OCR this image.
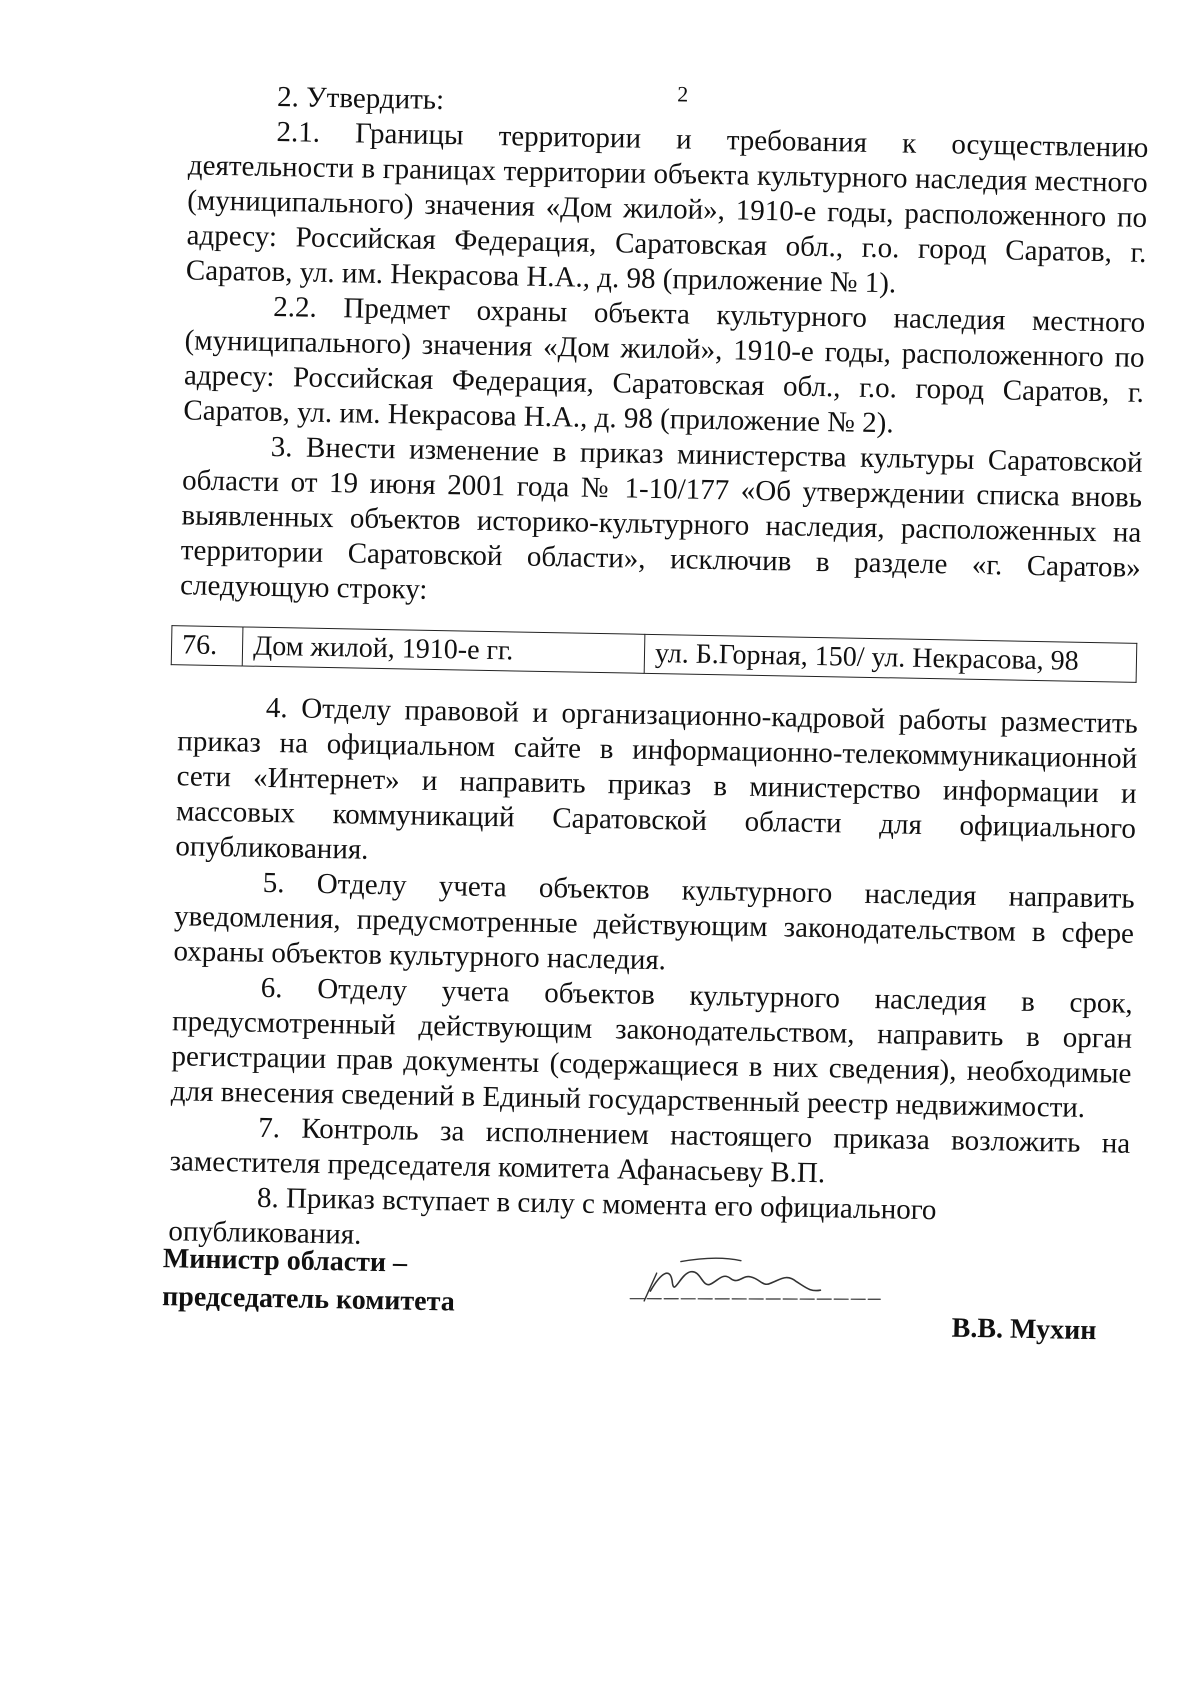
2

2. Утвердить:

2.1. Границы территории и требования к осуществлению деятельности в границах территории объекта культурного наследия местного (муниципального) значения «Дом жилой», 1910-е годы, расположенного по адресу: Российская Федерация, Саратовская обл., г.о. город Саратов, г. Саратов, ул. им. Некрасова Н.А., д. 98 (приложение № 1).

2.2. Предмет охраны объекта культурного наследия местного (муниципального) значения «Дом жилой», 1910-е годы, расположенного по адресу: Российская Федерация, Саратовская обл., г.о. город Саратов, г. Саратов, ул. им. Некрасова Н.А., д. 98 (приложение № 2).

3. Внести изменение в приказ министерства культуры Саратовской области от 19 июня 2001 года № 1-10/177 «Об утверждении списка вновь выявленных объектов историко-культурного наследия, расположенных на территории Саратовской области», исключив в разделе «г. Саратов» следующую строку:

76.	Дом жилой, 1910-е гг.	ул. Б.Горная, 150/ ул. Некрасова, 98

4. Отделу правовой и организационно-кадровой работы разместить приказ на официальном сайте в информационно-телекоммуникационной сети «Интернет» и направить приказ в министерство информации и массовых коммуникаций Саратовской области для официального опубликования.

5. Отделу учета объектов культурного наследия направить уведомления, предусмотренные действующим законодательством в сфере охраны объектов культурного наследия.

6. Отделу учета объектов культурного наследия в срок, предусмотренный действующим законодательством, направить в орган регистрации прав документы (содержащиеся в них сведения), необходимые для внесения сведений в Единый государственный реестр недвижимости.

7. Контроль за исполнением настоящего приказа возложить на заместителя председателя комитета Афанасьеву В.П.

8. Приказ вступает в силу с момента его официального опубликования.

Министр области –
председатель комитета
В.В. Мухин
